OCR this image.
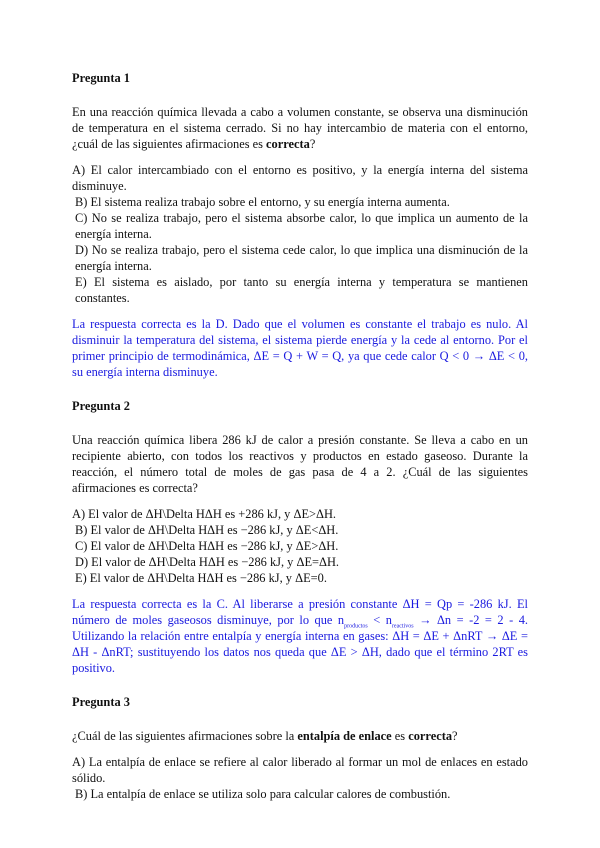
Pregunta 1

En una reacción química llevada a cabo a volumen constante, se observa una disminución de temperatura en el sistema cerrado. Si no hay intercambio de materia con el entorno, ¿cuál de las siguientes afirmaciones es correcta?

A) El calor intercambiado con el entorno es positivo, y la energía interna del sistema disminuye.

B) El sistema realiza trabajo sobre el entorno, y su energía interna aumenta.

C) No se realiza trabajo, pero el sistema absorbe calor, lo que implica un aumento de la energía interna.

D) No se realiza trabajo, pero el sistema cede calor, lo que implica una disminución de la energía interna.

E) El sistema es aislado, por tanto su energía interna y temperatura se mantienen constantes.

La respuesta correcta es la D. Dado que el volumen es constante el trabajo es nulo. Al disminuir la temperatura del sistema, el sistema pierde energía y la cede al entorno. Por el primer principio de termodinámica, ΔE = Q + W = Q, ya que cede calor Q < 0 → ΔE < 0, su energía interna disminuye.

Pregunta 2

Una reacción química libera 286 kJ de calor a presión constante. Se lleva a cabo en un recipiente abierto, con todos los reactivos y productos en estado gaseoso. Durante la reacción, el número total de moles de gas pasa de 4 a 2. ¿Cuál de las siguientes afirmaciones es correcta?

A) El valor de ΔH\Delta HΔH es +286 kJ, y ΔE>ΔH.

B) El valor de ΔH\Delta HΔH es −286 kJ, y ΔE<ΔH.

C) El valor de ΔH\Delta HΔH es −286 kJ, y ΔE>ΔH.

D) El valor de ΔH\Delta HΔH es −286 kJ, y ΔE=ΔH.

E) El valor de ΔH\Delta HΔH es −286 kJ, y ΔE=0.

La respuesta correcta es la C. Al liberarse a presión constante ΔH = Qp = -286 kJ. El número de moles gaseosos disminuye, por lo que $n_{productos} < n_{reactivos} \to \Delta n = -2 = 2 - 4$. Utilizando la relación entre entalpía y energía interna en gases: ΔH = ΔE + ΔnRT → ΔE = ΔH - ΔnRT; sustituyendo los datos nos queda que ΔE > ΔH, dado que el término 2RT es positivo.

Pregunta 3

¿Cuál de las siguientes afirmaciones sobre la entalpía de enlace es correcta?

A) La entalpía de enlace se refiere al calor liberado al formar un mol de enlaces en estado sólido.

B) La entalpía de enlace se utiliza solo para calcular calores de combustión.
